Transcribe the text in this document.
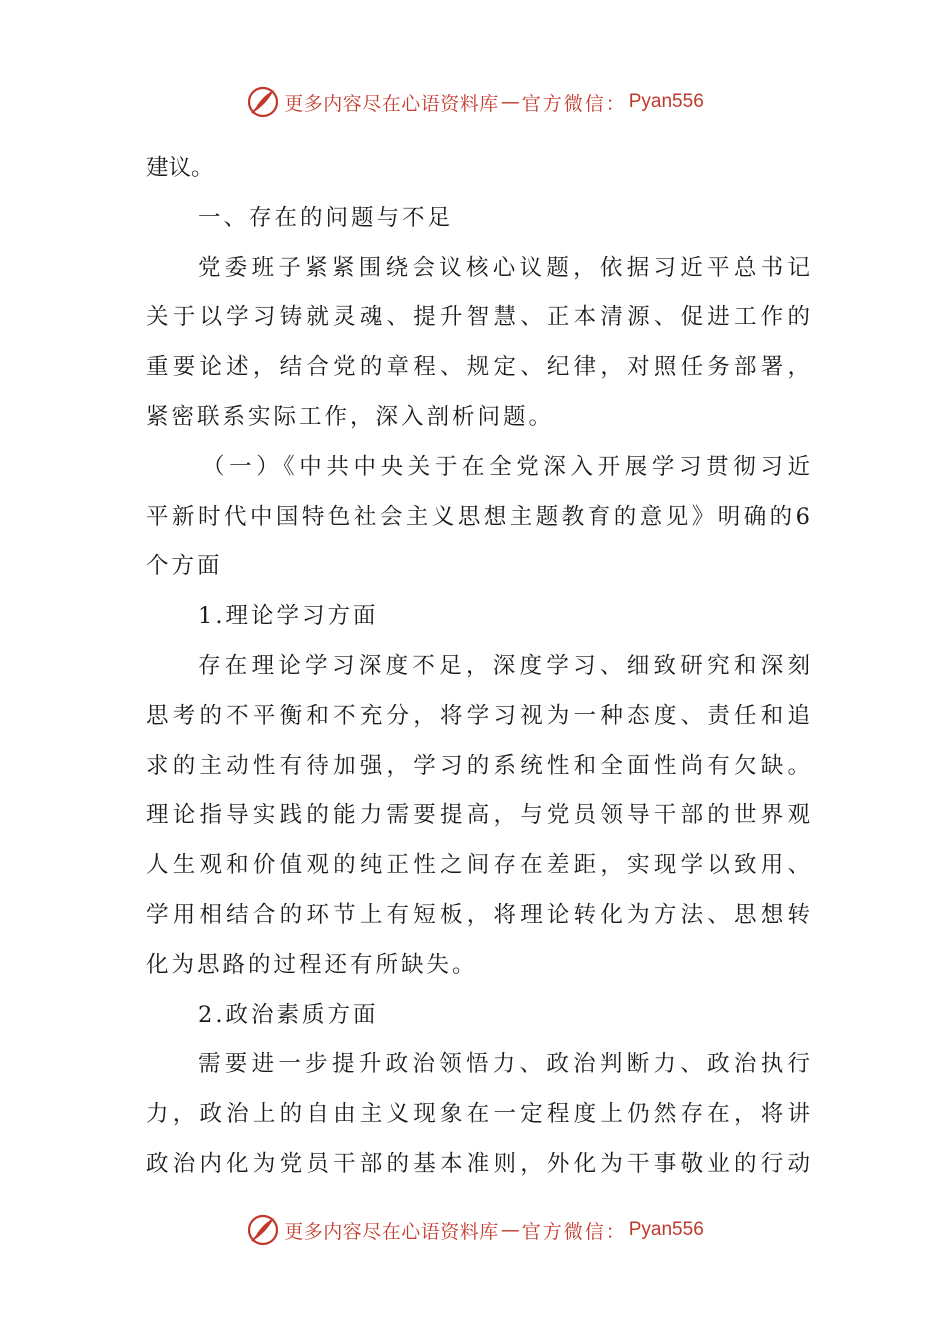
更多内容尽在心语资料库 — 官方微信： Pyan556
建议。
一、存在的问题与不足
党委班子紧紧围绕会议核心议题，依据习近平总书记
关于以学习铸就灵魂、提升智慧、正本清源、促进工作的
重要论述，结合党的章程、规定、纪律，对照任务部署，
紧密联系实际工作，深入剖析问题。
（一）《中共中央关于在全党深入开展学习贯彻习近
平新时代中国特色社会主义思想主题教育的意见》明确的6
个方面
1.理论学习方面
存在理论学习深度不足，深度学习、细致研究和深刻
思考的不平衡和不充分，将学习视为一种态度、责任和追
求的主动性有待加强，学习的系统性和全面性尚有欠缺。
理论指导实践的能力需要提高，与党员领导干部的世界观
人生观和价值观的纯正性之间存在差距，实现学以致用、
学用相结合的环节上有短板，将理论转化为方法、思想转
化为思路的过程还有所缺失。
2.政治素质方面
需要进一步提升政治领悟力、政治判断力、政治执行
力，政治上的自由主义现象在一定程度上仍然存在，将讲
政治内化为党员干部的基本准则，外化为干事敬业的行动
更多内容尽在心语资料库 — 官方微信： Pyan556
